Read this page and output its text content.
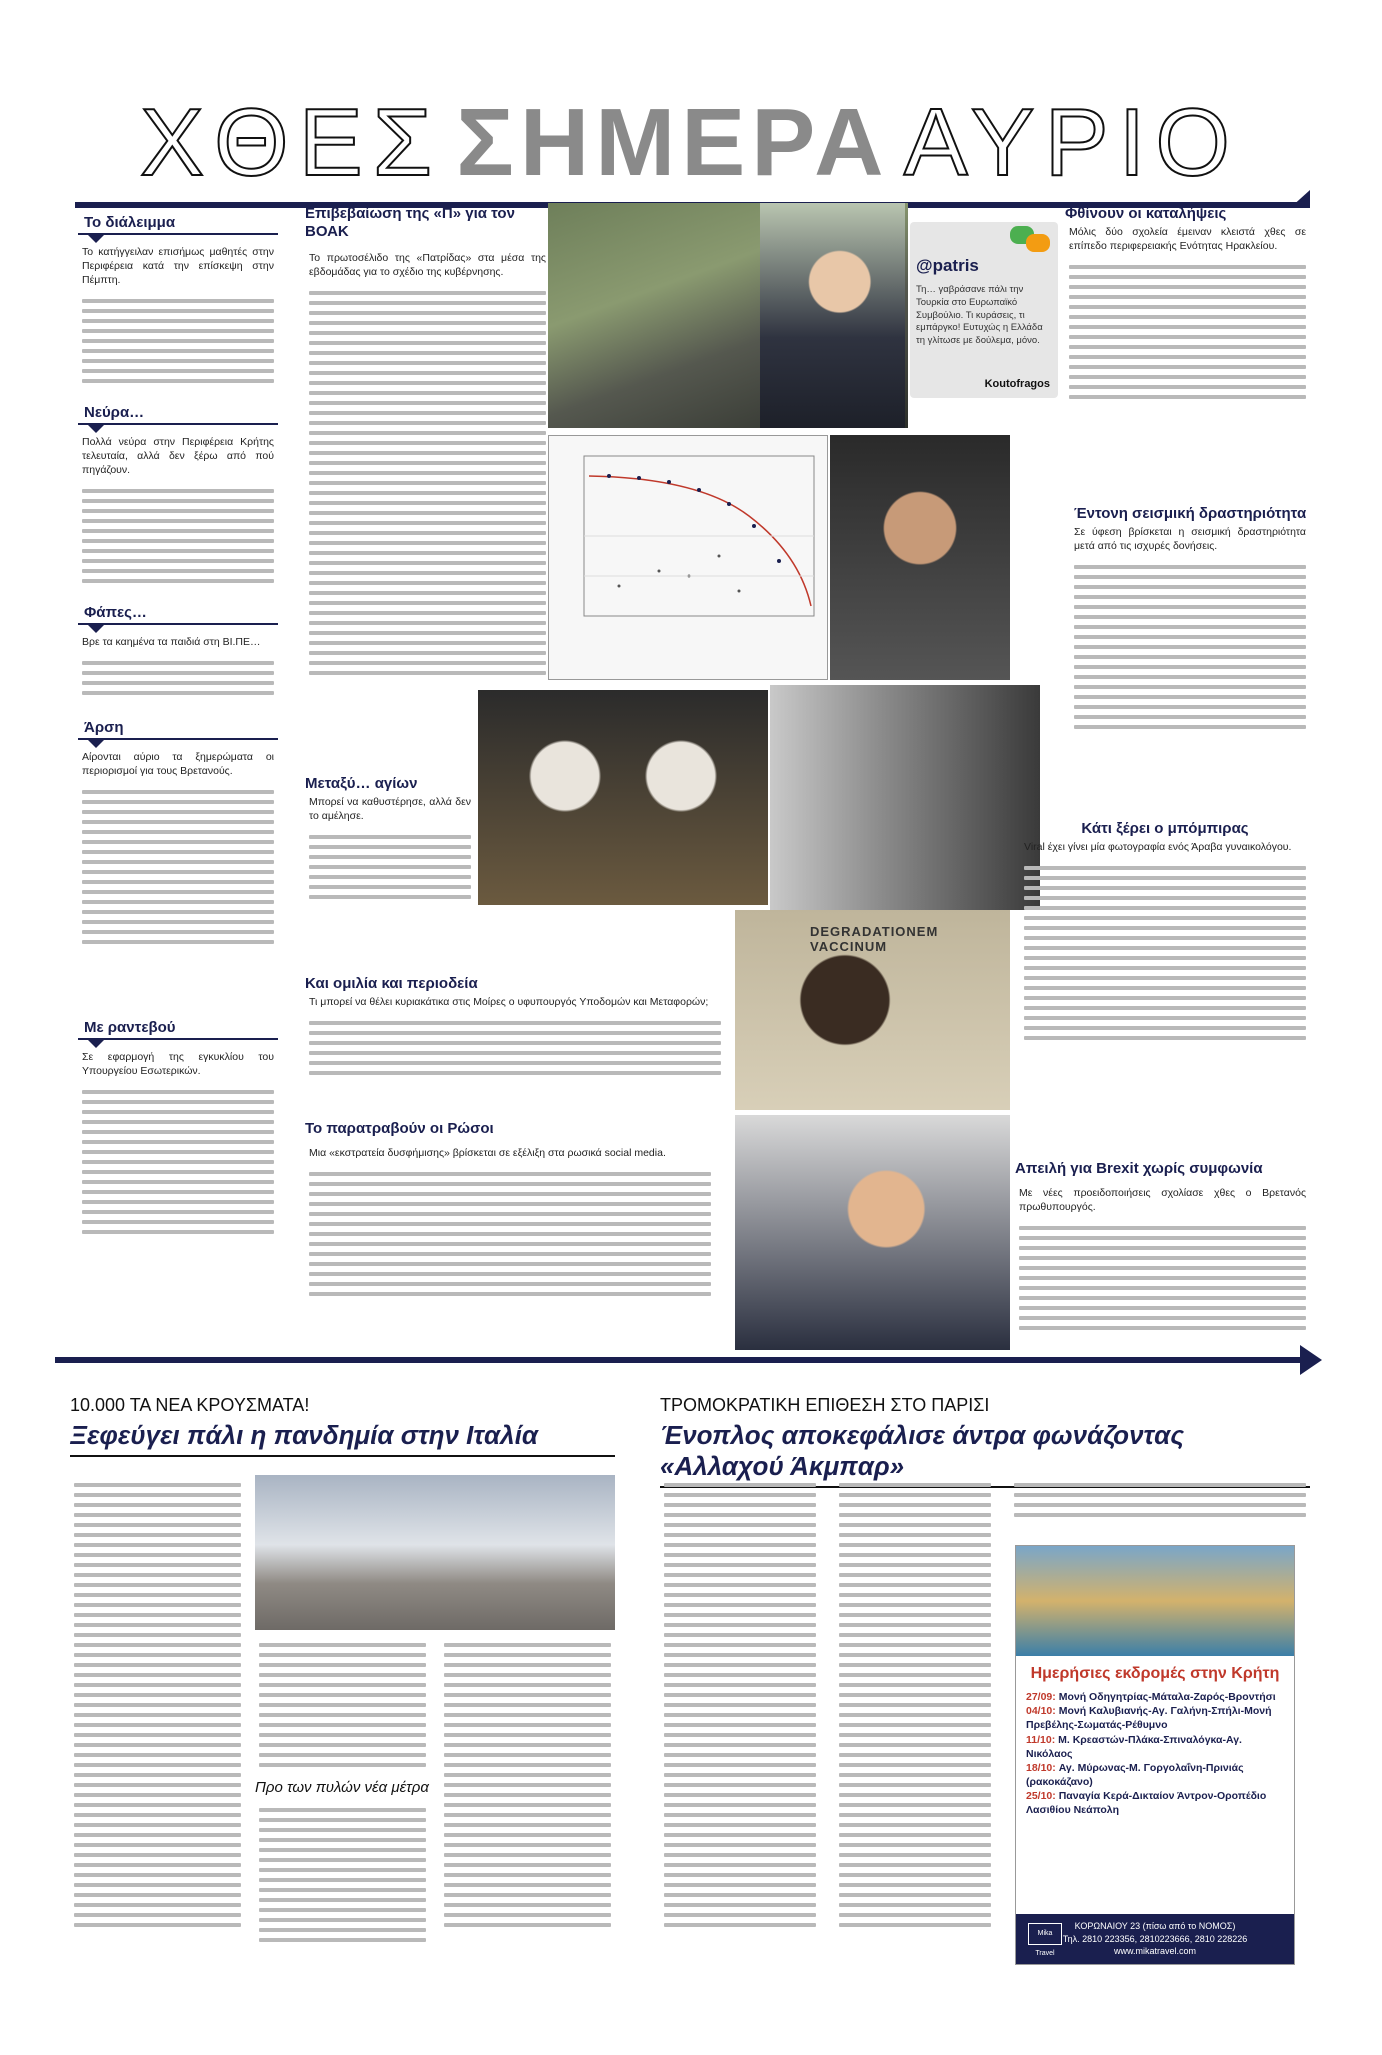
ΧΘΕΣ ΣΗΜΕΡΑ ΑΥΡΙΟ
Το διάλειμμα
Το κατήγγειλαν επισήμως μαθητές στην Περιφέρεια κατά την επίσκεψη στην Πέμπτη.
Νεύρα…
Πολλά νεύρα στην Περιφέρεια Κρήτης τελευταία, αλλά δεν ξέρω από πού πηγάζουν.
Φάπες…
Βρε τα καημένα τα παιδιά στη ΒΙ.ΠΕ…
Άρση
Αίρονται αύριο τα ξημερώματα οι περιορισμοί για τους Βρετανούς.
Με ραντεβού
Σε εφαρμογή της εγκυκλίου του Υπουργείου Εσωτερικών.
Επιβεβαίωση της «Π» για τον ΒΟΑΚ
Το πρωτοσέλιδο της «Πατρίδας» στα μέσα της εβδομάδας για το σχέδιο της κυβέρνησης.
Μεταξύ… αγίων
Μπορεί να καθυστέρησε, αλλά δεν το αμέλησε.
Και ομιλία και περιοδεία
Τι μπορεί να θέλει κυριακάτικα στις Μοίρες ο υφυπουργός Υποδομών και Μεταφορών;
Το παρατραβούν οι Ρώσοι
Μια «εκστρατεία δυσφήμισης» βρίσκεται σε εξέλιξη στα ρωσικά social media.
DEGRADATIONEM VACCINUM
@patris
Τη… γαβράσανε πάλι την Τουρκία στο Ευρωπαϊκό Συμβούλιο. Τι κυράσεις, τι εμπάργκο! Ευτυχώς η Ελλάδα τη γλίτωσε με δούλεμα, μόνο.
Koutofragos
Φθίνουν οι καταλήψεις
Μόλις δύο σχολεία έμειναν κλειστά χθες σε επίπεδο περιφερειακής Ενότητας Ηρακλείου.
Έντονη σεισμική δραστηριότητα
Σε ύφεση βρίσκεται η σεισμική δραστηριότητα μετά από τις ισχυρές δονήσεις.
Κάτι ξέρει ο μπόμπιρας
Viral έχει γίνει μία φωτογραφία ενός Άραβα γυναικολόγου.
Απειλή για Brexit χωρίς συμφωνία
Με νέες προειδοποιήσεις σχολίασε χθες ο Βρετανός πρωθυπουργός.
10.000 ΤΑ ΝΕΑ ΚΡΟΥΣΜΑΤΑ!
Ξεφεύγει πάλι η πανδημία στην Ιταλία
Προ των πυλών νέα μέτρα
ΤΡΟΜΟΚΡΑΤΙΚΗ ΕΠΙΘΕΣΗ ΣΤΟ ΠΑΡΙΣΙ
Ένοπλος αποκεφάλισε άντρα φωνάζοντας «Αλλαχού Άκμπαρ»
Ημερήσιες εκδρομές στην Κρήτη
27/09: Μονή Οδηγητρίας-Μάταλα-Ζαρός-Βροντήσι
04/10: Μονή Καλυβιανής-Αγ. Γαλήνη-Σπήλι-Μονή Πρεβέλης-Σωματάς-Ρέθυμνο
11/10: Μ. Κρεαστών-Πλάκα-Σπιναλόγκα-Αγ. Νικόλαος
18/10: Αγ. Μύρωνας-Μ. Γοργολαΐνη-Πρινιάς (ρακοκάζανο)
25/10: Παναγία Κερά-Δικταίον Άντρον-Οροπέδιο Λασιθίου Νεάπολη
Mika Travel
ΚΟΡΩΝΑΙΟΥ 23 (πίσω από το ΝΟΜΟΣ)
Τηλ. 2810 223356, 2810223666, 2810 228226
www.mikatravel.com
